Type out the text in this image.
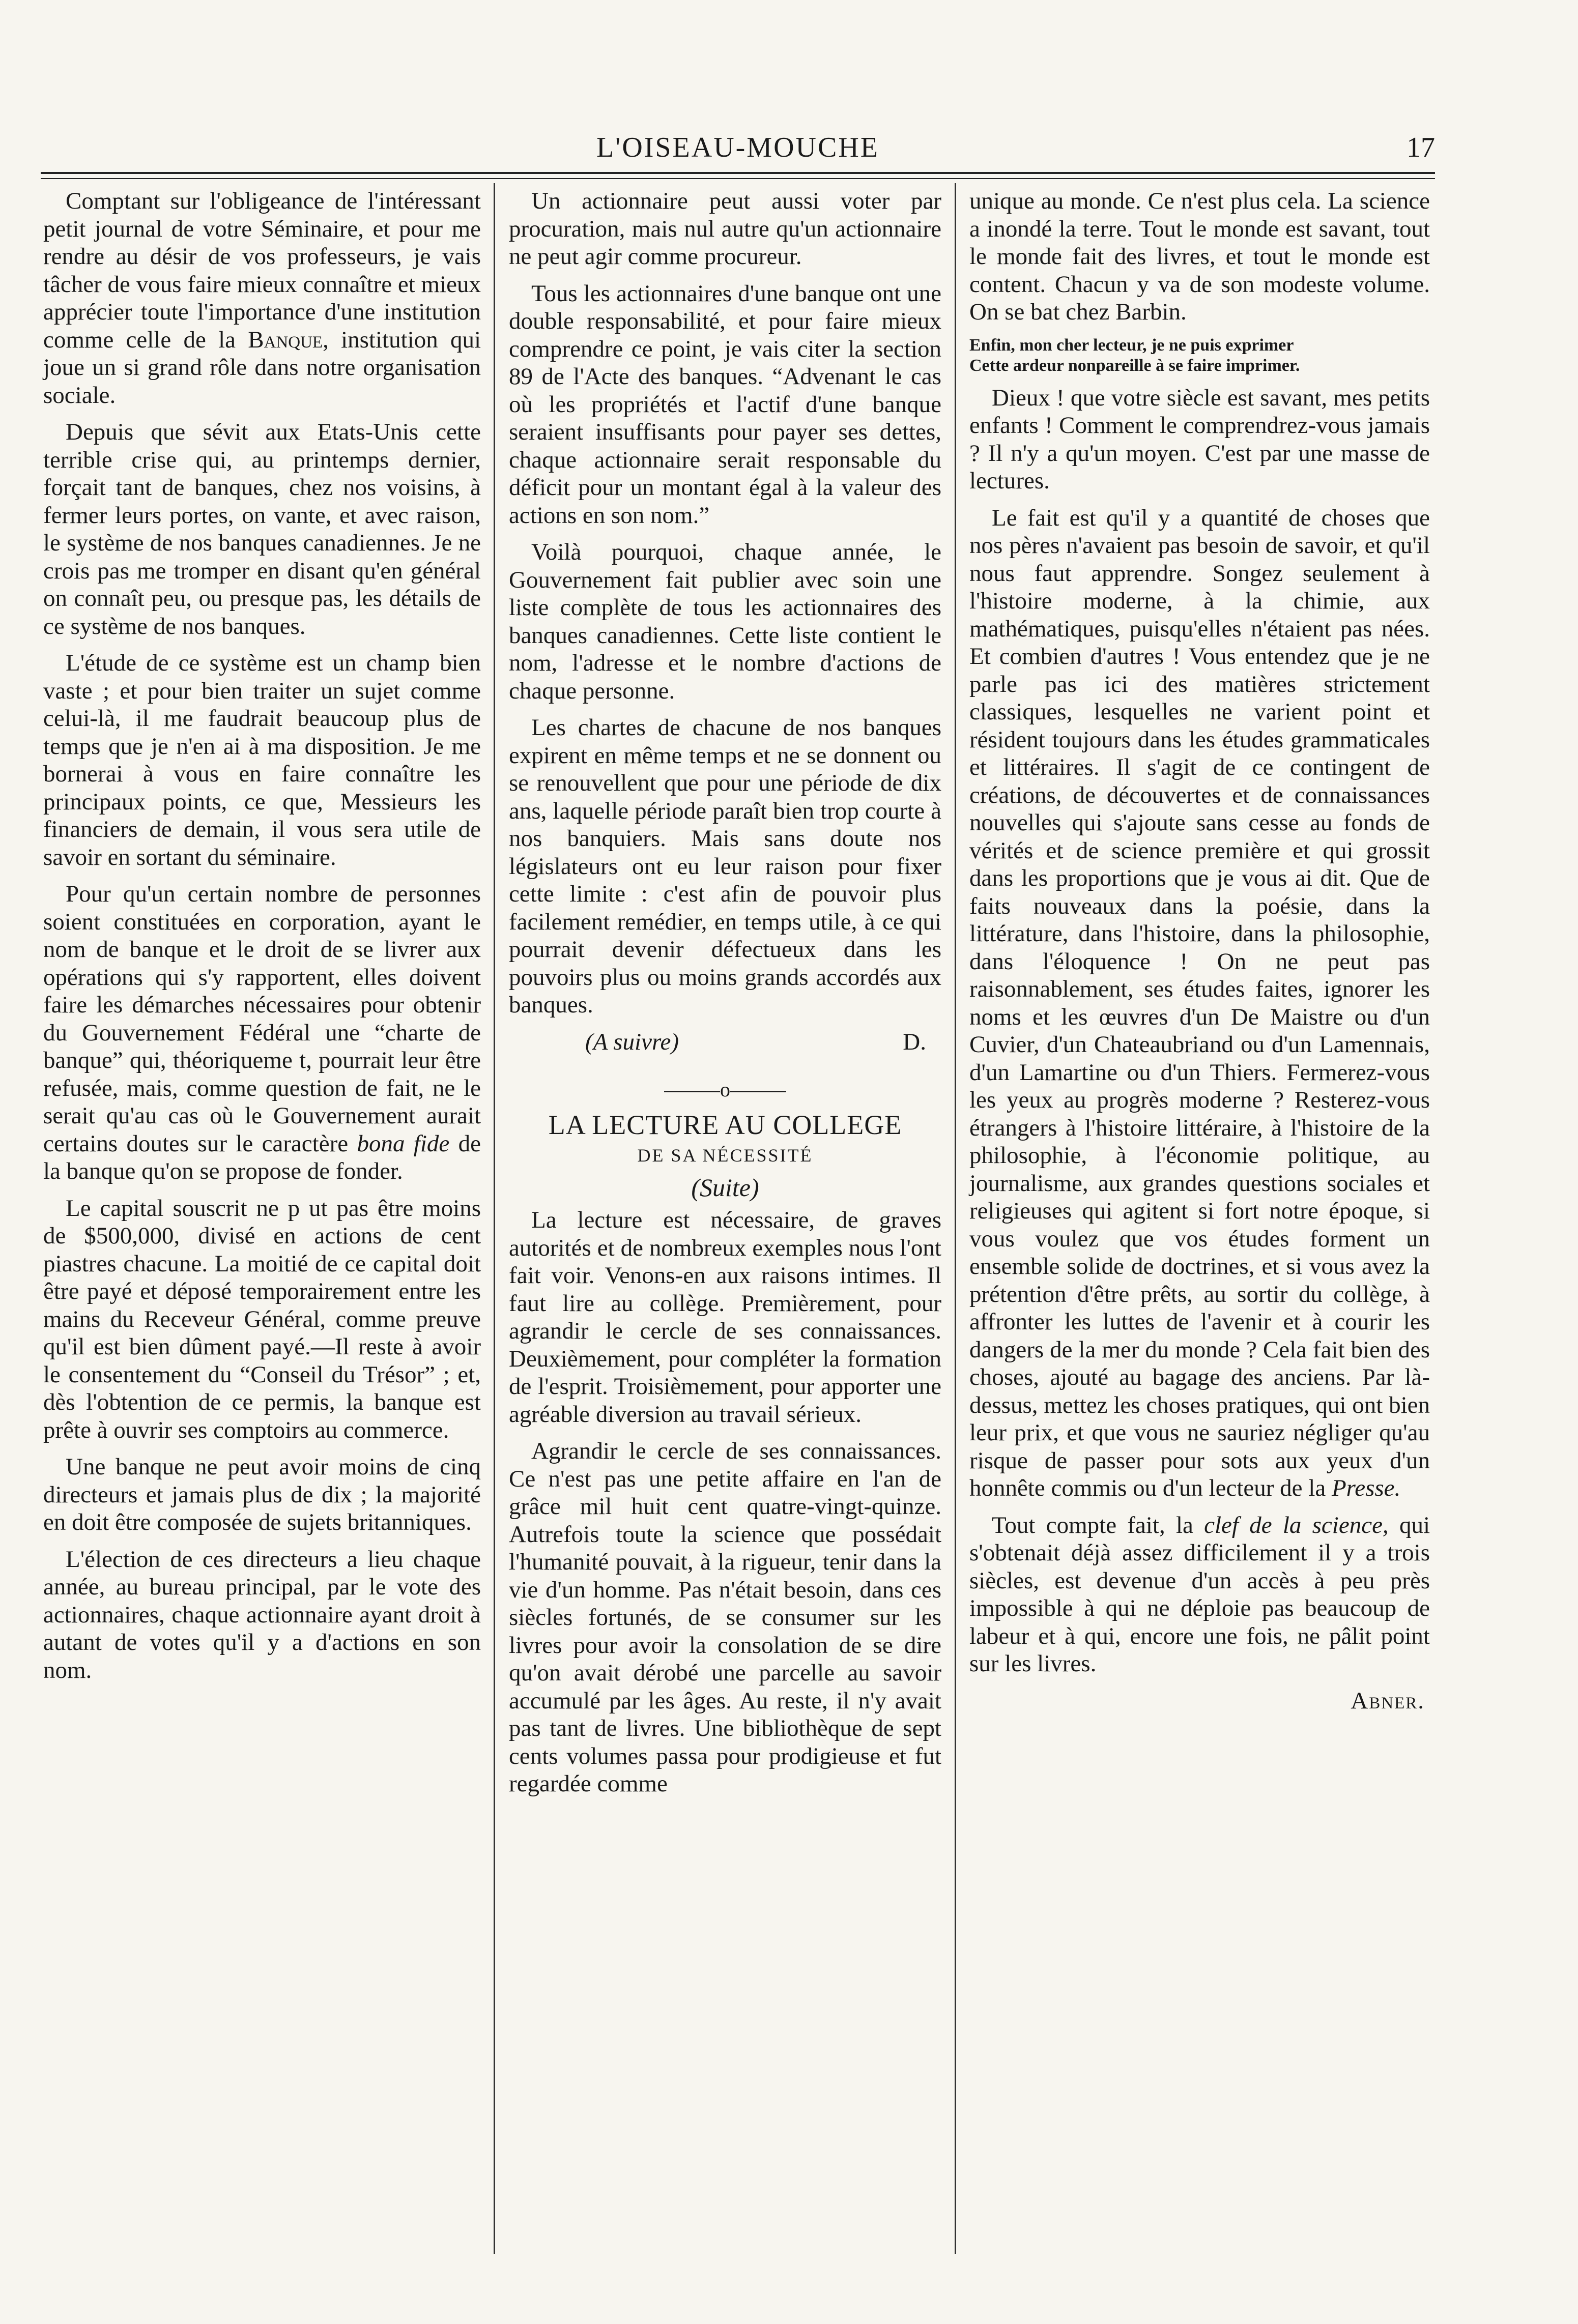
L'OISEAU-MOUCHE	17

Comptant sur l'obligeance de l'intéressant petit journal de votre Séminaire, et pour me rendre au désir de vos professeurs, je vais tâcher de vous faire mieux connaître et mieux apprécier toute l'importance d'une institution comme celle de la Banque, institution qui joue un si grand rôle dans notre organisation sociale.

Depuis que sévit aux Etats-Unis cette terrible crise qui, au printemps dernier, forçait tant de banques, chez nos voisins, à fermer leurs portes, on vante, et avec raison, le système de nos banques canadiennes. Je ne crois pas me tromper en disant qu'en général on connaît peu, ou presque pas, les détails de ce système de nos banques.

L'étude de ce système est un champ bien vaste ; et pour bien traiter un sujet comme celui-là, il me faudrait beaucoup plus de temps que je n'en ai à ma disposition. Je me bornerai à vous en faire connaître les principaux points, ce que, Messieurs les financiers de demain, il vous sera utile de savoir en sortant du séminaire.

Pour qu'un certain nombre de personnes soient constituées en corporation, ayant le nom de banque et le droit de se livrer aux opérations qui s'y rapportent, elles doivent faire les démarches nécessaires pour obtenir du Gouvernement Fédéral une “charte de banque” qui, théoriqueme t, pourrait leur être refusée, mais, comme question de fait, ne le serait qu'au cas où le Gouvernement aurait certains doutes sur le caractère bona fide de la banque qu'on se propose de fonder.

Le capital souscrit ne p ut pas être moins de $500,000, divisé en actions de cent piastres chacune. La moitié de ce capital doit être payé et déposé temporairement entre les mains du Receveur Général, comme preuve qu'il est bien dûment payé.—Il reste à avoir le consentement du “Conseil du Trésor” ; et, dès l'obtention de ce permis, la banque est prête à ouvrir ses comptoirs au commerce.

Une banque ne peut avoir moins de cinq directeurs et jamais plus de dix ; la majorité en doit être composée de sujets britanniques.

L'élection de ces directeurs a lieu chaque année, au bureau principal, par le vote des actionnaires, chaque actionnaire ayant droit à autant de votes qu'il y a d'actions en son nom.

Un actionnaire peut aussi voter par procuration, mais nul autre qu'un actionnaire ne peut agir comme procureur.

Tous les actionnaires d'une banque ont une double responsabilité, et pour faire mieux comprendre ce point, je vais citer la section 89 de l'Acte des banques. “Advenant le cas où les propriétés et l'actif d'une banque seraient insuffisants pour payer ses dettes, chaque actionnaire serait responsable du déficit pour un montant égal à la valeur des actions en son nom.”

Voilà pourquoi, chaque année, le Gouvernement fait publier avec soin une liste complète de tous les actionnaires des banques canadiennes. Cette liste contient le nom, l'adresse et le nombre d'actions de chaque personne.

Les chartes de chacune de nos banques expirent en même temps et ne se donnent ou se renouvellent que pour une période de dix ans, laquelle période paraît bien trop courte à nos banquiers. Mais sans doute nos législateurs ont eu leur raison pour fixer cette limite : c'est afin de pouvoir plus facilement remédier, en temps utile, à ce qui pourrait devenir défectueux dans les pouvoirs plus ou moins grands accordés aux banques.

(A suivre)	D.

o
LA LECTURE AU COLLEGE
DE SA NÉCESSITÉ
(Suite)

La lecture est nécessaire, de graves autorités et de nombreux exemples nous l'ont fait voir. Venons-en aux raisons intimes. Il faut lire au collège. Premièrement, pour agrandir le cercle de ses connaissances. Deuxièmement, pour compléter la formation de l'esprit. Troisièmement, pour apporter une agréable diversion au travail sérieux.

Agrandir le cercle de ses connaissances. Ce n'est pas une petite affaire en l'an de grâce mil huit cent quatre-vingt-quinze. Autrefois toute la science que possédait l'humanité pouvait, à la rigueur, tenir dans la vie d'un homme. Pas n'était besoin, dans ces siècles fortunés, de se consumer sur les livres pour avoir la consolation de se dire qu'on avait dérobé une parcelle au savoir accumulé par les âges. Au reste, il n'y avait pas tant de livres. Une bibliothèque de sept cents volumes passa pour prodigieuse et fut regardée comme

unique au monde. Ce n'est plus cela. La science a inondé la terre. Tout le monde est savant, tout le monde fait des livres, et tout le monde est content. Chacun y va de son modeste volume. On se bat chez Barbin.

Enfin, mon cher lecteur, je ne puis exprimer
Cette ardeur nonpareille à se faire imprimer.

Dieux ! que votre siècle est savant, mes petits enfants ! Comment le comprendrez-vous jamais ? Il n'y a qu'un moyen. C'est par une masse de lectures.

Le fait est qu'il y a quantité de choses que nos pères n'avaient pas besoin de savoir, et qu'il nous faut apprendre. Songez seulement à l'histoire moderne, à la chimie, aux mathématiques, puisqu'elles n'étaient pas nées. Et combien d'autres ! Vous entendez que je ne parle pas ici des matières strictement classiques, lesquelles ne varient point et résident toujours dans les études grammaticales et littéraires. Il s'agit de ce contingent de créations, de découvertes et de connaissances nouvelles qui s'ajoute sans cesse au fonds de vérités et de science première et qui grossit dans les proportions que je vous ai dit. Que de faits nouveaux dans la poésie, dans la littérature, dans l'histoire, dans la philosophie, dans l'éloquence ! On ne peut pas raisonnablement, ses études faites, ignorer les noms et les œuvres d'un De Maistre ou d'un Cuvier, d'un Chateaubriand ou d'un Lamennais, d'un Lamartine ou d'un Thiers. Fermerez-vous les yeux au progrès moderne ? Resterez-vous étrangers à l'histoire littéraire, à l'histoire de la philosophie, à l'économie politique, au journalisme, aux grandes questions sociales et religieuses qui agitent si fort notre époque, si vous voulez que vos études forment un ensemble solide de doctrines, et si vous avez la prétention d'être prêts, au sortir du collège, à affronter les luttes de l'avenir et à courir les dangers de la mer du monde ? Cela fait bien des choses, ajouté au bagage des anciens. Par là-dessus, mettez les choses pratiques, qui ont bien leur prix, et que vous ne sauriez négliger qu'au risque de passer pour sots aux yeux d'un honnête commis ou d'un lecteur de la Presse.

Tout compte fait, la clef de la science, qui s'obtenait déjà assez difficilement il y a trois siècles, est devenue d'un accès à peu près impossible à qui ne déploie pas beaucoup de labeur et à qui, encore une fois, ne pâlit point sur les livres.

Abner.
